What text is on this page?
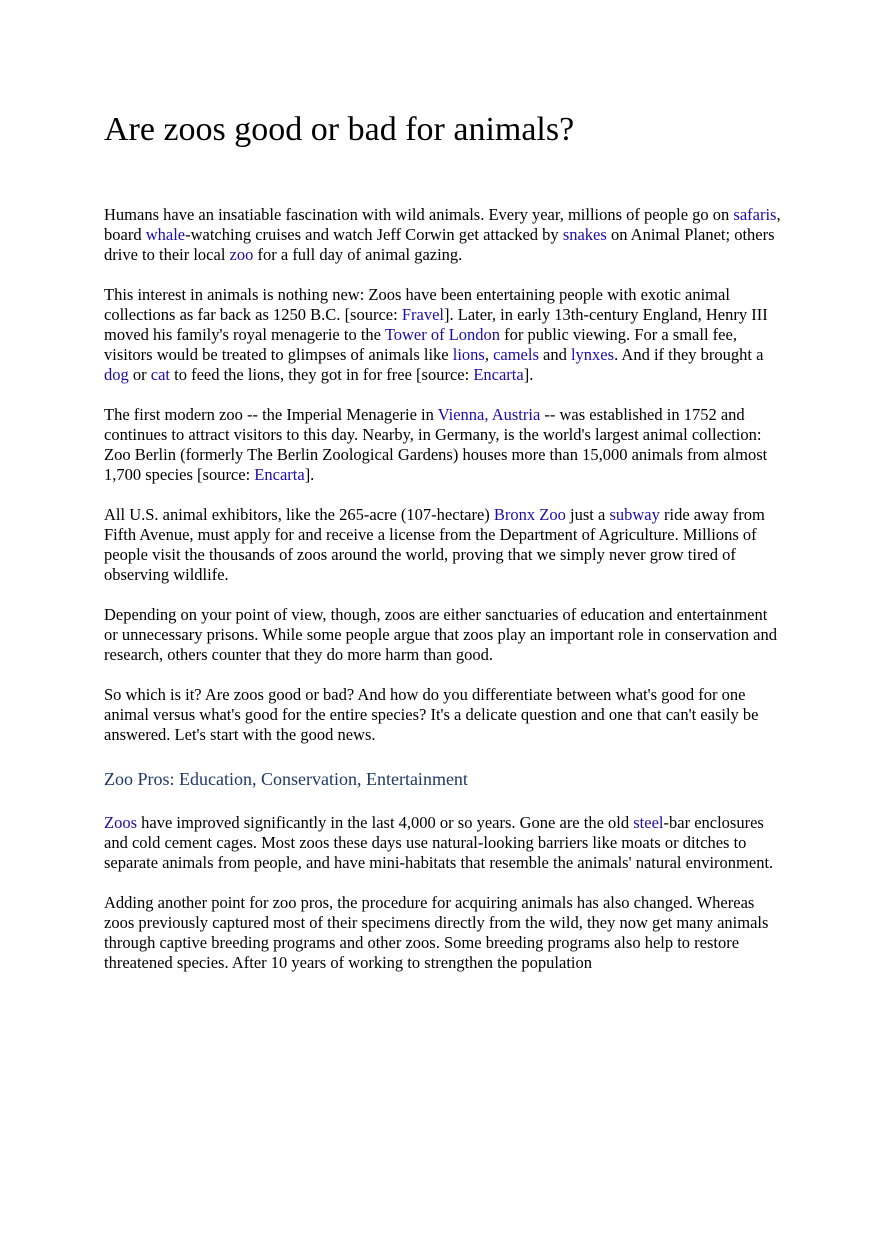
Are zoos good or bad for animals?

Humans have an insatiable fascination with wild animals. Every year, millions of people go on safaris, board whale-watching cruises and watch Jeff Corwin get attacked by snakes on Animal Planet; others drive to their local zoo for a full day of animal gazing.

This interest in animals is nothing new: Zoos have been entertaining people with exotic animal collections as far back as 1250 B.C. [source: Fravel]. Later, in early 13th-century England, Henry III moved his family's royal menagerie to the Tower of London for public viewing. For a small fee, visitors would be treated to glimpses of animals like lions, camels and lynxes. And if they brought a dog or cat to feed the lions, they got in for free [source: Encarta].

The first modern zoo -- the Imperial Menagerie in Vienna, Austria -- was established in 1752 and continues to attract visitors to this day. Nearby, in Germany, is the world's largest animal collection: Zoo Berlin (formerly The Berlin Zoological Gardens) houses more than 15,000 animals from almost 1,700 species [source: Encarta].

All U.S. animal exhibitors, like the 265-acre (107-hectare) Bronx Zoo just a subway ride away from Fifth Avenue, must apply for and receive a license from the Department of Agriculture. Millions of people visit the thousands of zoos around the world, proving that we simply never grow tired of observing wildlife.

Depending on your point of view, though, zoos are either sanctuaries of education and entertainment or unnecessary prisons. While some people argue that zoos play an important role in conservation and research, others counter that they do more harm than good.

So which is it? Are zoos good or bad? And how do you differentiate between what's good for one animal versus what's good for the entire species? It's a delicate question and one that can't easily be answered. Let's start with the good news.

Zoo Pros: Education, Conservation, Entertainment

Zoos have improved significantly in the last 4,000 or so years. Gone are the old steel-bar enclosures and cold cement cages. Most zoos these days use natural-looking barriers like moats or ditches to separate animals from people, and have mini-habitats that resemble the animals' natural environment.

Adding another point for zoo pros, the procedure for acquiring animals has also changed. Whereas zoos previously captured most of their specimens directly from the wild, they now get many animals through captive breeding programs and other zoos. Some breeding programs also help to restore threatened species. After 10 years of working to strengthen the population
